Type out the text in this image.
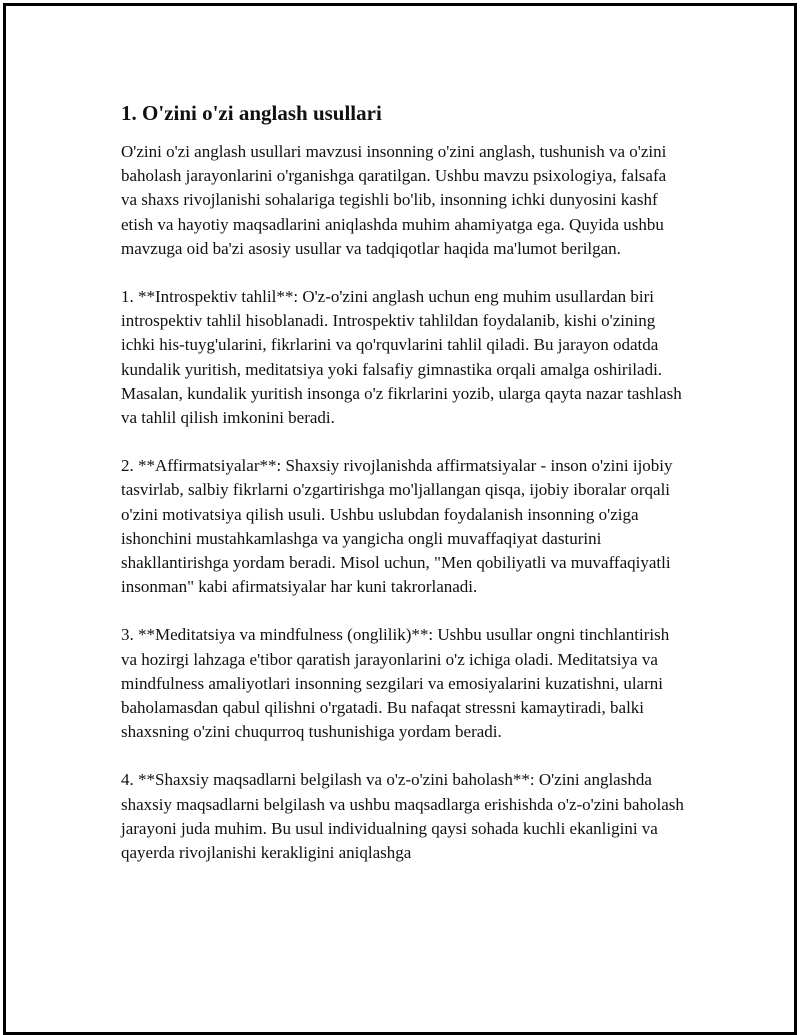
1. O'zini o'zi anglash usullari

O'zini o'zi anglash usullari mavzusi insonning o'zini anglash, tushunish va o'zini baholash jarayonlarini o'rganishga qaratilgan. Ushbu mavzu psixologiya, falsafa va shaxs rivojlanishi sohalariga tegishli bo'lib, insonning ichki dunyosini kashf etish va hayotiy maqsadlarini aniqlashda muhim ahamiyatga ega. Quyida ushbu mavzuga oid ba'zi asosiy usullar va tadqiqotlar haqida ma'lumot berilgan.

1. **Introspektiv tahlil**: O'z-o'zini anglash uchun eng muhim usullardan biri introspektiv tahlil hisoblanadi. Introspektiv tahlildan foydalanib, kishi o'zining ichki his-tuyg'ularini, fikrlarini va qo'rquvlarini tahlil qiladi. Bu jarayon odatda kundalik yuritish, meditatsiya yoki falsafiy gimnastika orqali amalga oshiriladi. Masalan, kundalik yuritish insonga o'z fikrlarini yozib, ularga qayta nazar tashlash va tahlil qilish imkonini beradi.

2. **Affirmatsiyalar**: Shaxsiy rivojlanishda affirmatsiyalar - inson o'zini ijobiy tasvirlab, salbiy fikrlarni o'zgartirishga mo'ljallangan qisqa, ijobiy iboralar orqali o'zini motivatsiya qilish usuli. Ushbu uslubdan foydalanish insonning o'ziga ishonchini mustahkamlashga va yangicha ongli muvaffaqiyat dasturini shakllantirishga yordam beradi. Misol uchun, "Men qobiliyatli va muvaffaqiyatli insonman" kabi afirmatsiyalar har kuni takrorlanadi.

3. **Meditatsiya va mindfulness (onglilik)**: Ushbu usullar ongni tinchlantirish va hozirgi lahzaga e'tibor qaratish jarayonlarini o'z ichiga oladi. Meditatsiya va mindfulness amaliyotlari insonning sezgilari va emosiyalarini kuzatishni, ularni baholamasdan qabul qilishni o'rgatadi. Bu nafaqat stressni kamaytiradi, balki shaxsning o'zini chuqurroq tushunishiga yordam beradi.

4. **Shaxsiy maqsadlarni belgilash va o'z-o'zini baholash**: O'zini anglashda shaxsiy maqsadlarni belgilash va ushbu maqsadlarga erishishda o'z-o'zini baholash jarayoni juda muhim. Bu usul individualning qaysi sohada kuchli ekanligini va qayerda rivojlanishi kerakligini aniqlashga
